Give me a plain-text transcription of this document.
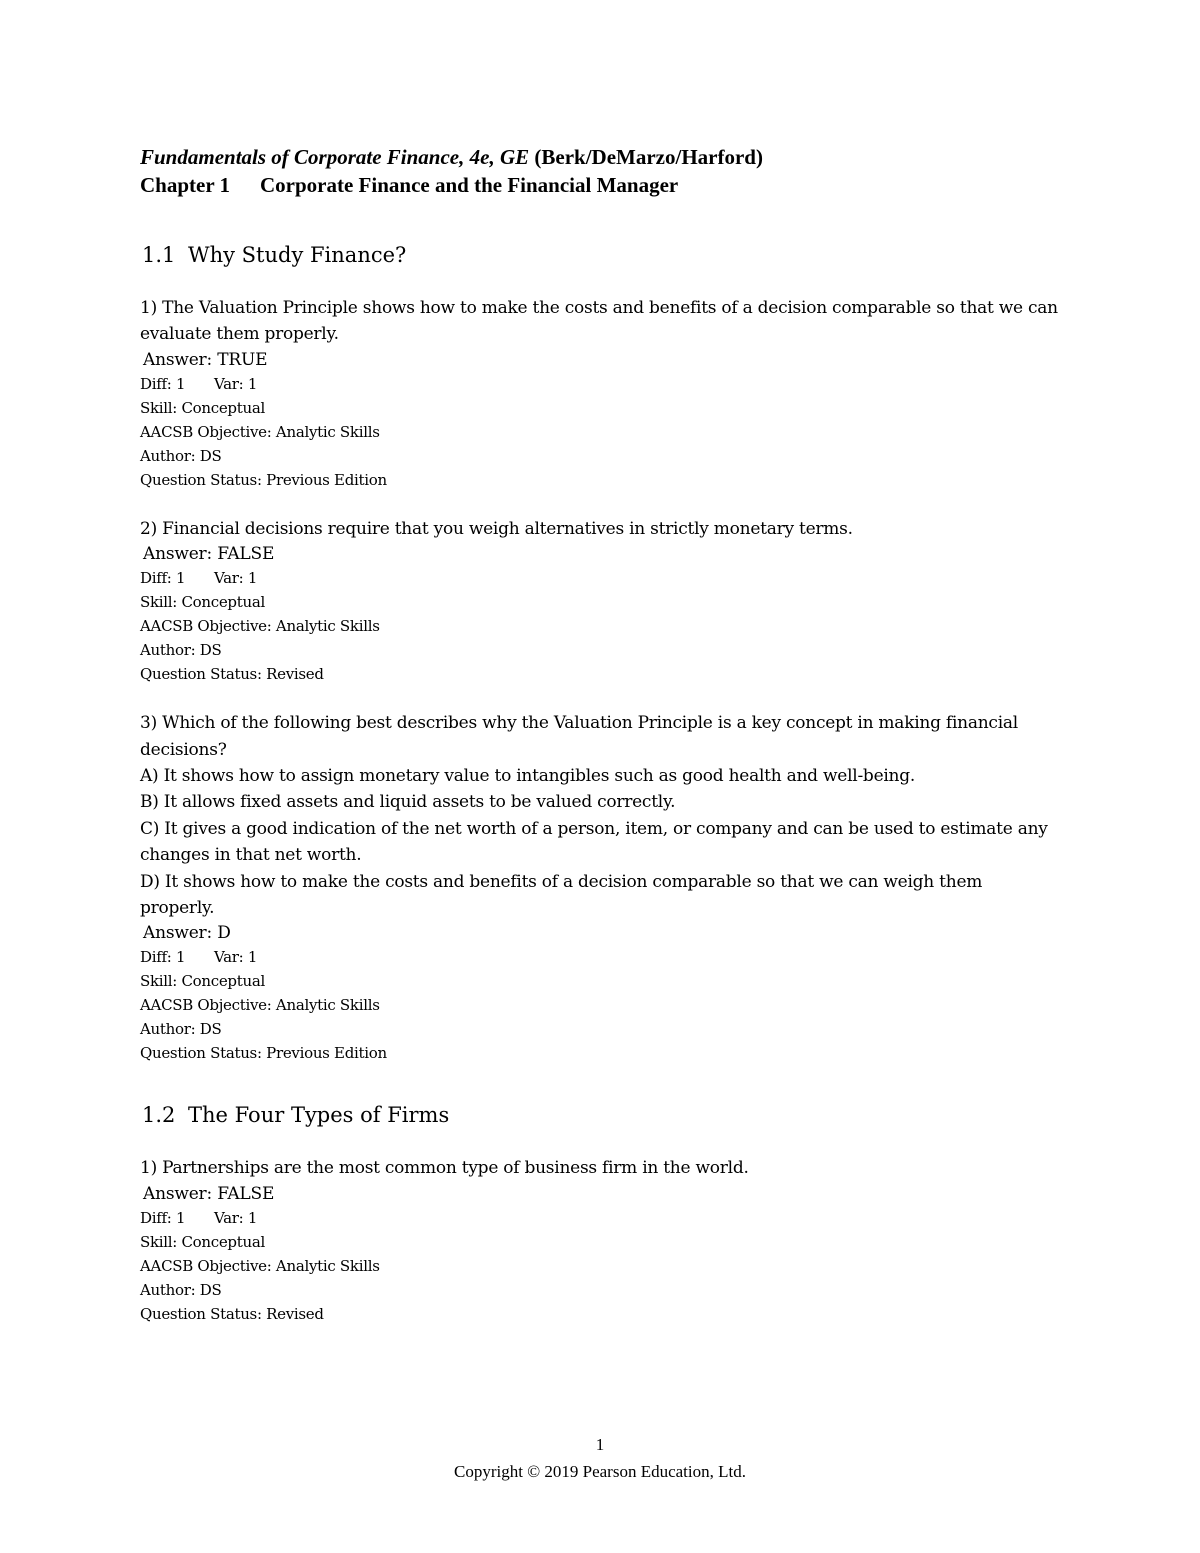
Fundamentals of Corporate Finance, 4e, GE (Berk/DeMarzo/Harford)

Chapter 1 Corporate Finance and the Financial Manager

1.1 Why Study Finance?

1) The Valuation Principle shows how to make the costs and benefits of a decision comparable so that we can evaluate them properly.

Answer: TRUE

Diff: 1 Var: 1

Skill: Conceptual

AACSB Objective: Analytic Skills

Author: DS

Question Status: Previous Edition

2) Financial decisions require that you weigh alternatives in strictly monetary terms.

Answer: FALSE

Diff: 1 Var: 1

Skill: Conceptual

AACSB Objective: Analytic Skills

Author: DS

Question Status: Revised

3) Which of the following best describes why the Valuation Principle is a key concept in making financial decisions?

A) It shows how to assign monetary value to intangibles such as good health and well-being.

B) It allows fixed assets and liquid assets to be valued correctly.

C) It gives a good indication of the net worth of a person, item, or company and can be used to estimate any changes in that net worth.

D) It shows how to make the costs and benefits of a decision comparable so that we can weigh them properly.

Answer: D

Diff: 1 Var: 1

Skill: Conceptual

AACSB Objective: Analytic Skills

Author: DS

Question Status: Previous Edition

1.2 The Four Types of Firms

1) Partnerships are the most common type of business firm in the world.

Answer: FALSE

Diff: 1 Var: 1

Skill: Conceptual

AACSB Objective: Analytic Skills

Author: DS

Question Status: Revised

1
Copyright © 2019 Pearson Education, Ltd.
